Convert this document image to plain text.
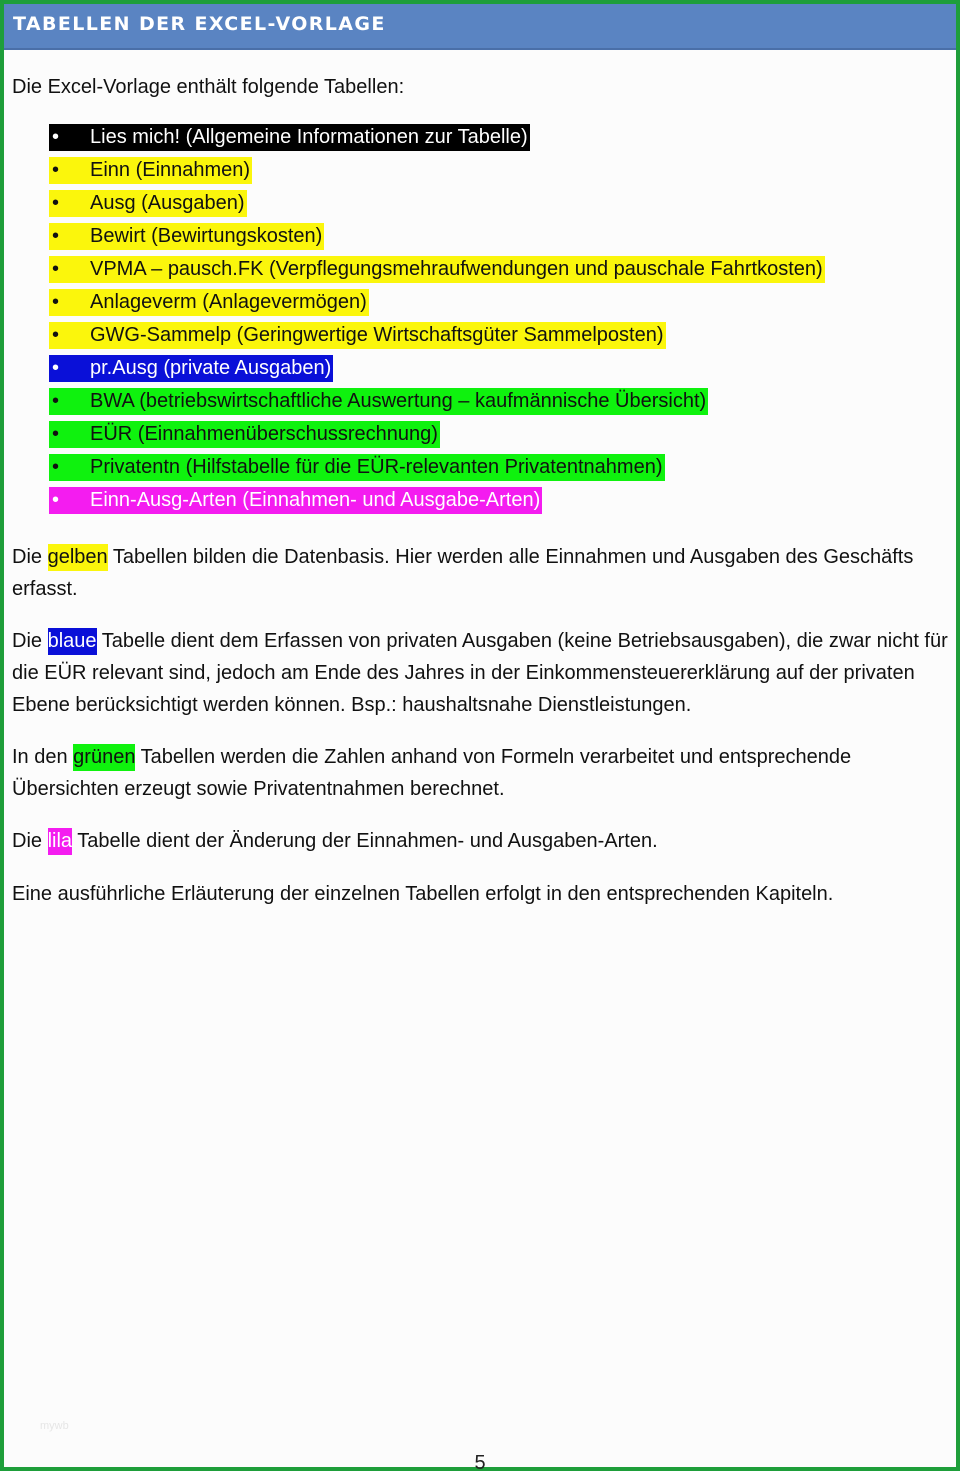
TABELLEN DER EXCEL-VORLAGE
Die Excel-Vorlage enthält folgende Tabellen:
• Lies mich! (Allgemeine Informationen zur Tabelle)
• Einn (Einnahmen)
• Ausg (Ausgaben)
• Bewirt (Bewirtungskosten)
• VPMA – pausch.FK (Verpflegungsmehraufwendungen und pauschale Fahrtkosten)
• Anlageverm (Anlagevermögen)
• GWG-Sammelp (Geringwertige Wirtschaftsgüter Sammelposten)
• pr.Ausg (private Ausgaben)
• BWA (betriebswirtschaftliche Auswertung – kaufmännische Übersicht)
• EÜR (Einnahmenüberschussrechnung)
• Privatentn (Hilfstabelle für die EÜR-relevanten Privatentnahmen)
• Einn-Ausg-Arten (Einnahmen- und Ausgabe-Arten)

Die gelben Tabellen bilden die Datenbasis. Hier werden alle Einnahmen und Ausgaben des Geschäfts erfasst.

Die blaue Tabelle dient dem Erfassen von privaten Ausgaben (keine Betriebsausgaben), die zwar nicht für die EÜR relevant sind, jedoch am Ende des Jahres in der Einkommensteuererklärung auf der privaten Ebene berücksichtigt werden können. Bsp.: haushaltsnahe Dienstleistungen.

In den grünen Tabellen werden die Zahlen anhand von Formeln verarbeitet und entsprechende Übersichten erzeugt sowie Privatentnahmen berechnet.

Die lila Tabelle dient der Änderung der Einnahmen- und Ausgaben-Arten.

Eine ausführliche Erläuterung der einzelnen Tabellen erfolgt in den entsprechenden Kapiteln.

mywb
5
